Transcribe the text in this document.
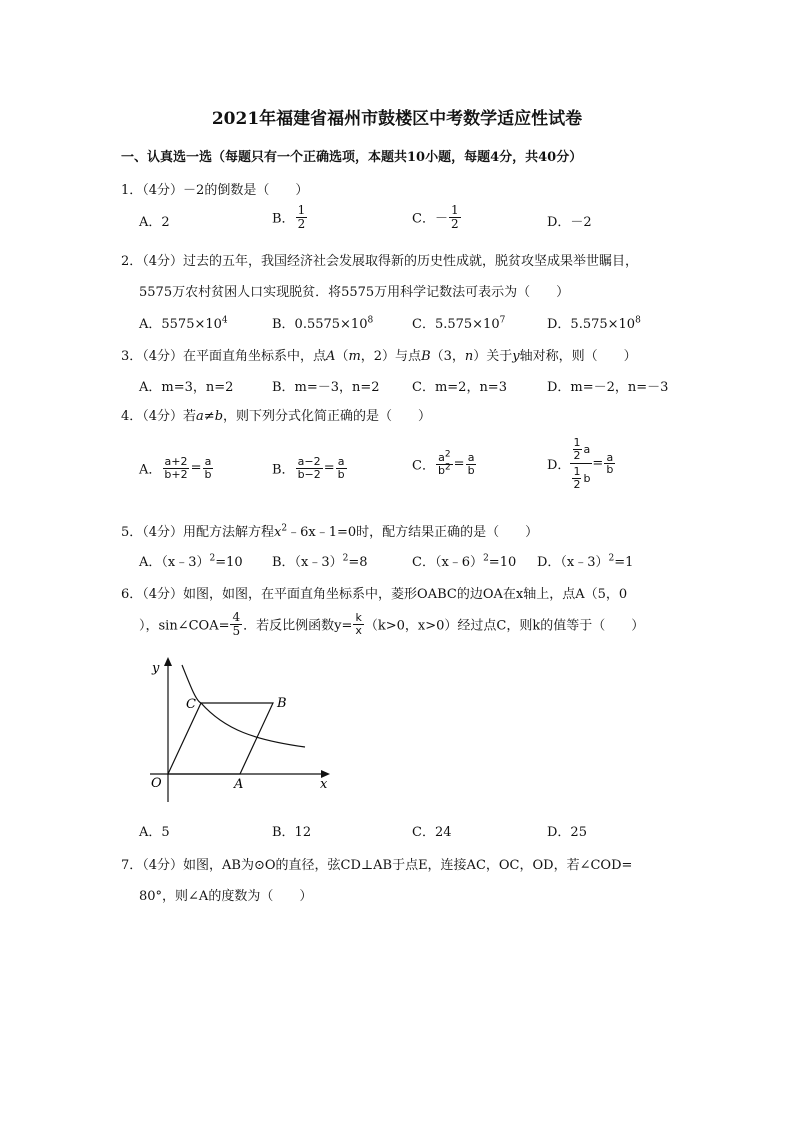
2021年福建省福州市鼓楼区中考数学适应性试卷
一、认真选一选（每题只有一个正确选项，本题共10小题，每题4分，共40分）
1．（4分）－2的倒数是（　　）
A．2	B． $\frac{1}{2}$	C．－ $\frac{1}{2}$	D．－2
2．（4分）过去的五年，我国经济社会发展取得新的历史性成就，脱贫攻坚成果举世瞩目，
5575万农村贫困人口实现脱贫．将5575万用科学记数法可表示为（　　）
A．$5575\times 10^4$	B．$0.5575\times 10^8$	C．$5.575\times 10^7$	D．$5.575\times 10^8$
3．（4分）在平面直角坐标系中，点A（m，2）与点B（3，n）关于y轴对称，则（　　）
A．m=3，n=2	B．m=－3，n=2 C．m=2，n=3	D．m=－2，n=－3
4．（4分）若a≠b，则下列分式化简正确的是（　　）
A． $\frac{a+2}{b+2} = \frac{a}{b}$	B． $\frac{a-2}{b-2} = \frac{a}{b}$	C． $\frac{a^2}{b^2} = \frac{a}{b}$	D． $\frac{\frac{1}{2} a}{\frac{1}{2} b} = \frac{a}{b}$
5．（4分）用配方法解方程$x^2﹣6x﹣1=0$时，配方结果正确的是（　　）
A．（x﹣3）$^2$=10 B．（x﹣3）$^2$=8	C．（x﹣6）$^2$=10 D．（x﹣3）$^2$=1
6．（4分）如图，如图，在平面直角坐标系中，菱形OABC的边OA在x轴上，点A（5，0
），sin∠COA= $\frac{4}{5}$ ．若反比例函数$y= \frac{k}{x} (k>0$，x>0）经过点C，则k的值等于（　　）
y
x
O	A
B
C
A．5	B．12	C．24	D．25
7．（4分）如图，AB为⊙O的直径，弦CD⊥AB于点E，连接AC，OC，OD，若∠COD=
80°，则∠A的度数为（　　）
